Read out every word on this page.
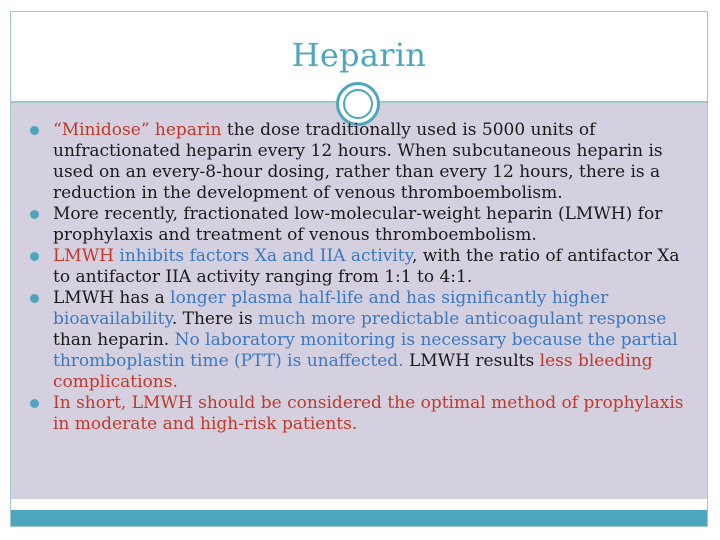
Heparin
“Minidose” heparin the dose traditionally used is 5000 units of unfractionated heparin every 12 hours. When subcutaneous heparin is used on an every-8-hour dosing, rather than every 12 hours, there is a reduction in the development of venous thromboembolism.
More recently, fractionated low-molecular-weight heparin (LMWH) for prophylaxis and treatment of venous thromboembolism.
LMWH inhibits factors Xa and IIA activity, with the ratio of antifactor Xa to antifactor IIA activity ranging from 1:1 to 4:1.
LMWH has a longer plasma half-life and has significantly higher bioavailability. There is much more predictable anticoagulant response than heparin. No laboratory monitoring is necessary because the partial thromboplastin time (PTT) is unaffected. LMWH results less bleeding complications.
In short, LMWH should be considered the optimal method of prophylaxis in moderate and high-risk patients.
